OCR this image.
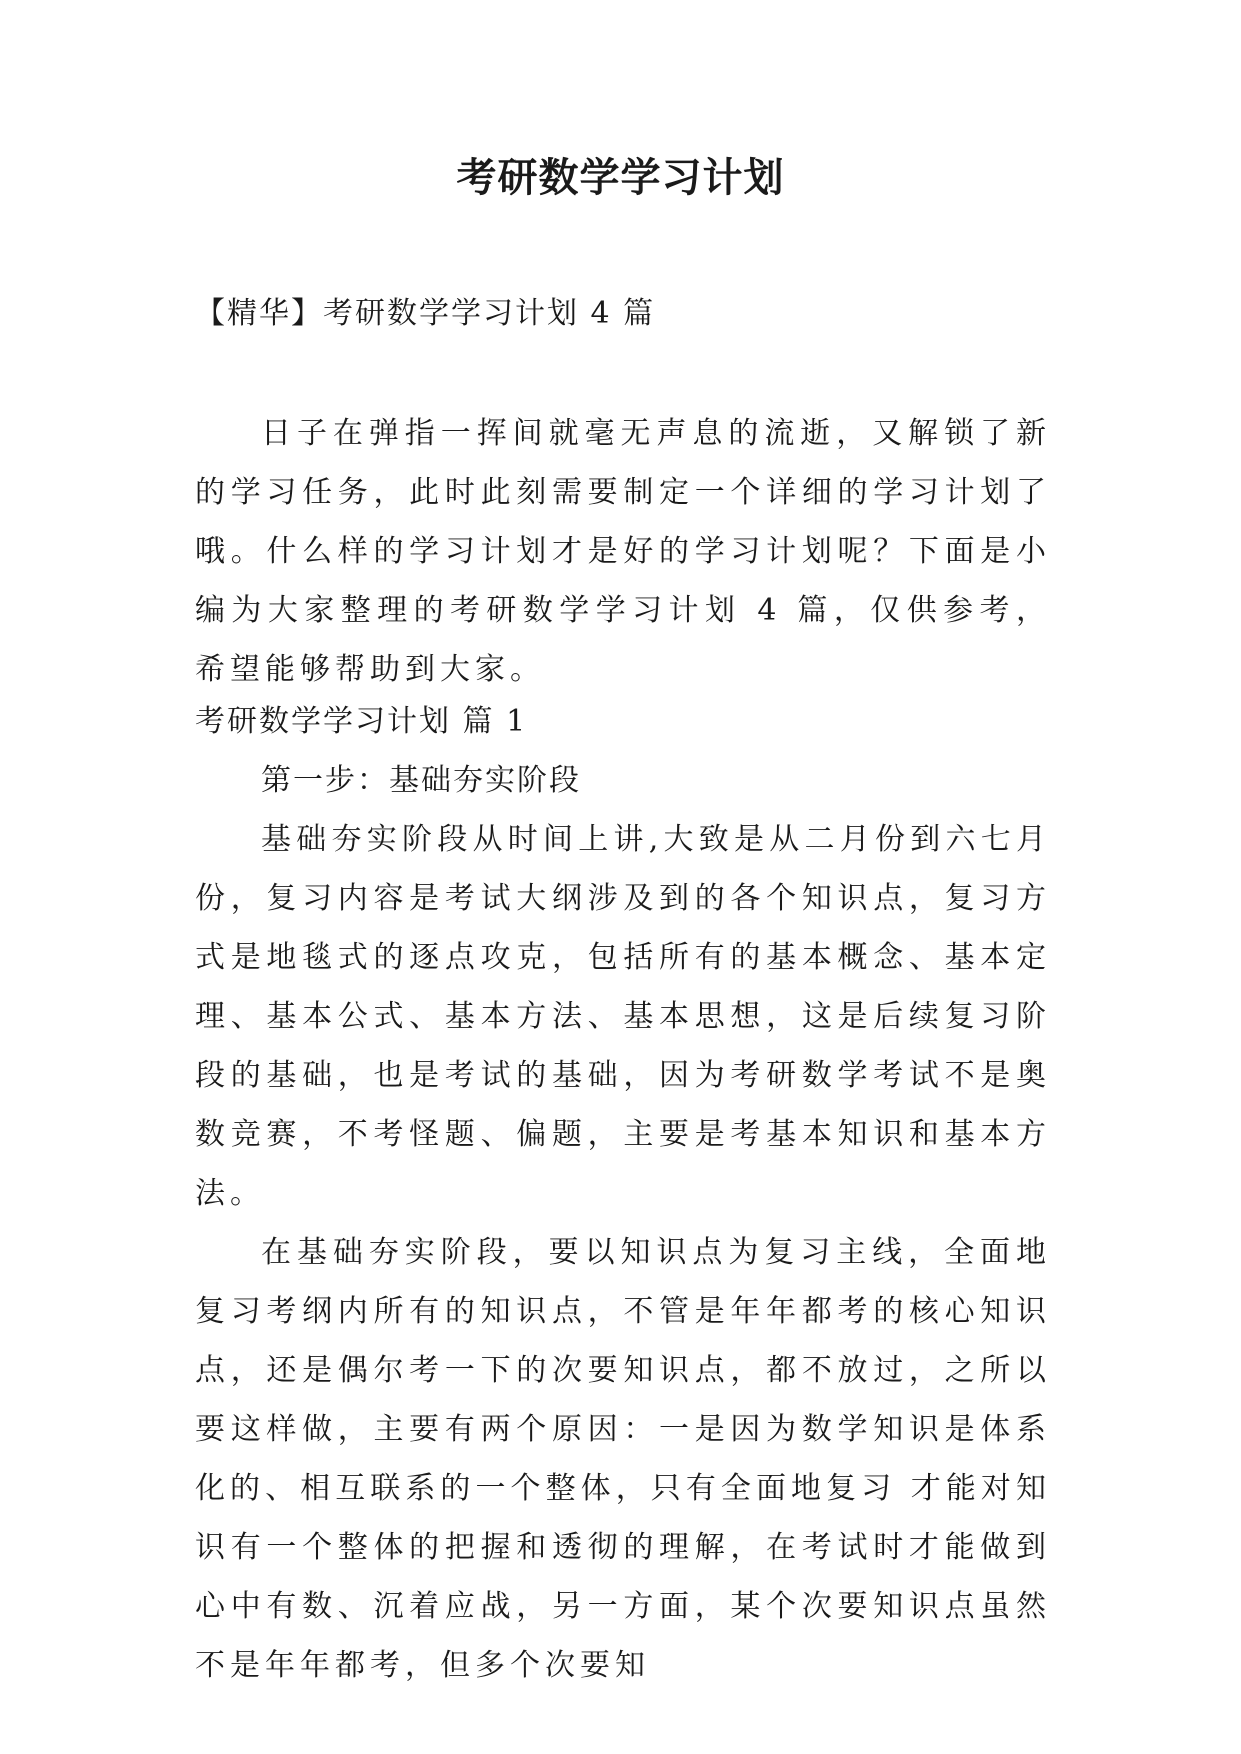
考研数学学习计划
【精华】考研数学学习计划 4 篇

日子在弹指一挥间就毫无声息的流逝，又解锁了新的学习任务，此时此刻需要制定一个详细的学习计划了哦。什么样的学习计划才是好的学习计划呢？下面是小编为大家整理的考研数学学习计划 4 篇，仅供参考，希望能够帮助到大家。

考研数学学习计划 篇 1

第一步：基础夯实阶段

基础夯实阶段从时间上讲,大致是从二月份到六七月份，复习内容是考试大纲涉及到的各个知识点，复习方式是地毯式的逐点攻克，包括所有的基本概念、基本定理、基本公式、基本方法、基本思想，这是后续复习阶段的基础，也是考试的基础，因为考研数学考试不是奥数竞赛，不考怪题、偏题，主要是考基本知识和基本方法。

在基础夯实阶段，要以知识点为复习主线，全面地复习考纲内所有的知识点，不管是年年都考的核心知识点，还是偶尔考一下的次要知识点，都不放过，之所以要这样做，主要有两个原因：一是因为数学知识是体系化的、相互联系的一个整体，只有全面地复习 才能对知识有一个整体的把握和透彻的理解，在考试时才能做到心中有数、沉着应战，另一方面，某个次要知识点虽然不是年年都考，但多个次要知
